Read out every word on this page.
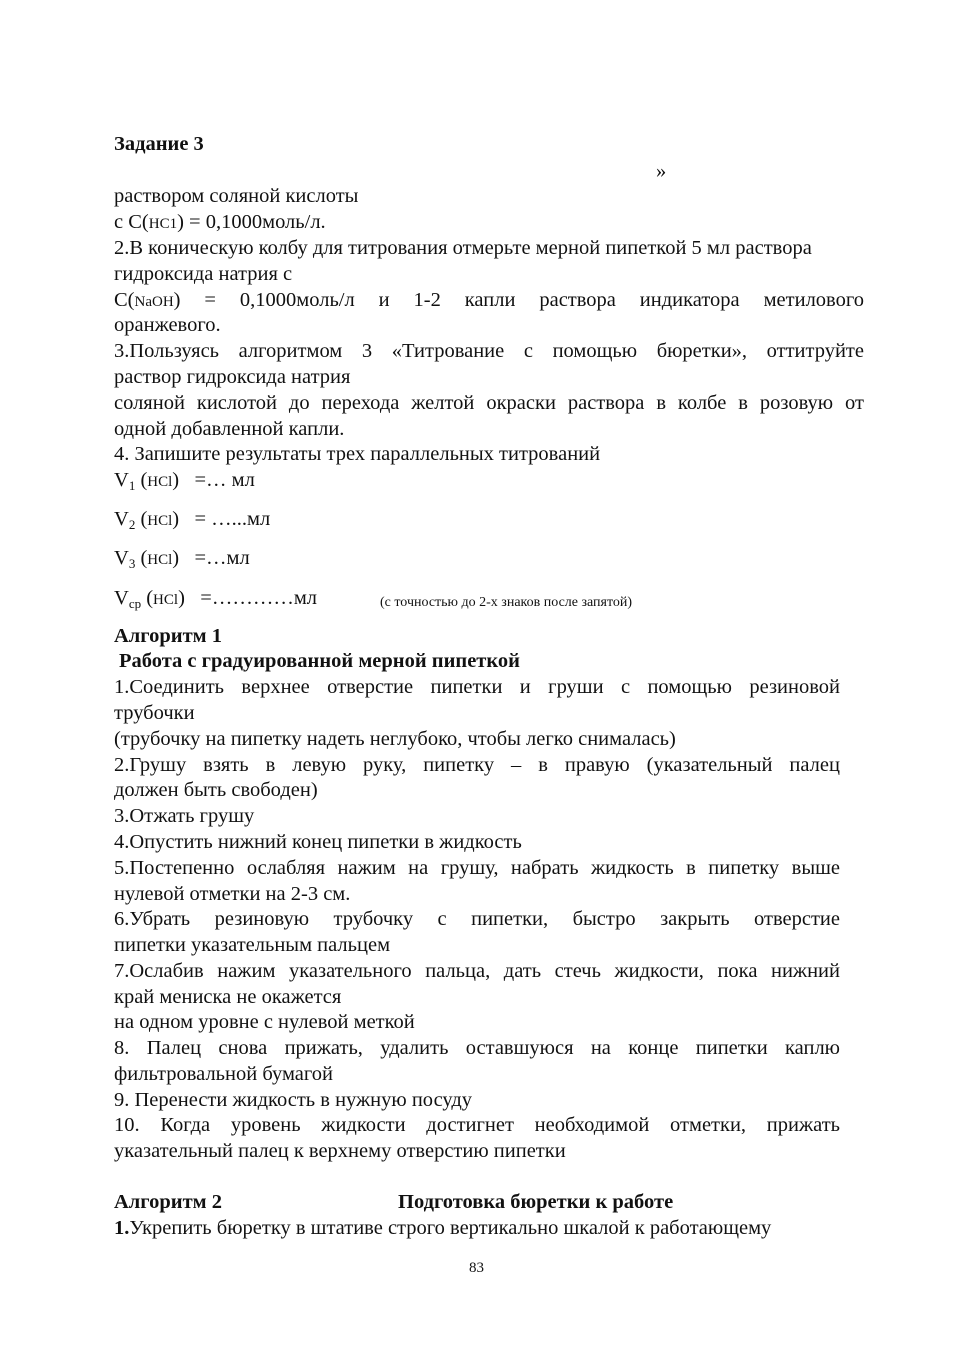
Задание 3
»
раствором соляной кислоты
с С(HC1) = 0,1000моль/л.
2.В коническую колбу для титрования отмерьте мерной пипеткой 5 мл раствора
гидроксида натрия с
С(NaOH) = 0,1000моль/л и 1-2 капли раствора индикатора метилового
оранжевого.
3.Пользуясь алгоритмом 3 «Титрование с помощью бюретки», оттитруйте
раствор гидроксида натрия
соляной кислотой до перехода желтой окраски раствора в колбе в розовую от
одной добавленной капли.
4. Запишите результаты трех параллельных титрований
$V_1$ (HCl)   =… мл
$V_2$ (HCl)   = …...мл
$V_3$ (HCl)   =…мл
$V_{ср}$ (HCl)   =…………мл	(с точностью до 2-х знаков после запятой)
Алгоритм 1
Работа с градуированной мерной пипеткой
1.Соединить верхнее отверстие пипетки и груши с помощью резиновой
трубочки
(трубочку на пипетку надеть неглубоко, чтобы легко снималась)
2.Грушу взять в левую руку, пипетку – в правую (указательный палец
должен быть свободен)
3.Отжать грушу
4.Опустить нижний конец пипетки в жидкость
5.Постепенно ослабляя нажим на грушу, набрать жидкость в пипетку выше
нулевой отметки на 2-3 см.
6.Убрать резиновую трубочку с пипетки, быстро закрыть отверстие
пипетки указательным пальцем
7.Ослабив нажим указательного пальца, дать стечь жидкости, пока нижний
край мениска не окажется
на одном уровне с нулевой меткой
8. Палец снова прижать, удалить оставшуюся на конце пипетки каплю
фильтровальной бумагой
9. Перенести жидкость в нужную посуду
10. Когда уровень жидкости достигнет необходимой отметки, прижать
указательный палец к верхнему отверстию пипетки
Алгоритм 2	Подготовка бюретки к работе
1.Укрепить бюретку в штативе строго вертикально шкалой к работающему
83
